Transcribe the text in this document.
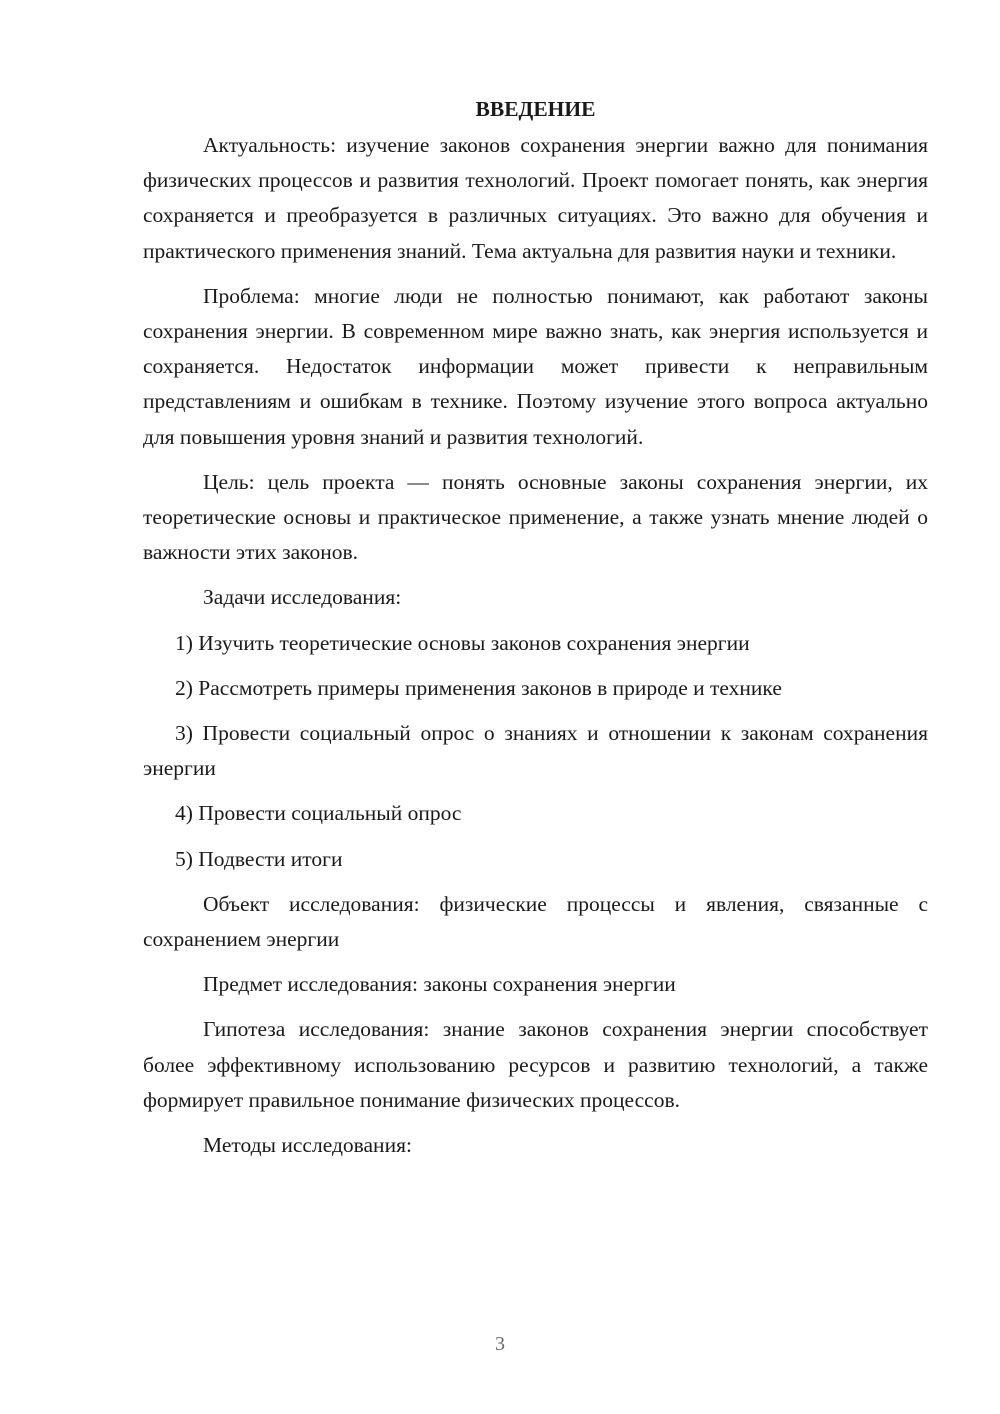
ВВЕДЕНИЕ

Актуальность: изучение законов сохранения энергии важно для понимания физических процессов и развития технологий. Проект помогает понять, как энергия сохраняется и преобразуется в различных ситуациях. Это важно для обучения и практического применения знаний. Тема актуальна для развития науки и техники.

Проблема: многие люди не полностью понимают, как работают законы сохранения энергии. В современном мире важно знать, как энергия используется и сохраняется. Недостаток информации может привести к неправильным представлениям и ошибкам в технике. Поэтому изучение этого вопроса актуально для повышения уровня знаний и развития технологий.

Цель: цель проекта — понять основные законы сохранения энергии, их теоретические основы и практическое применение, а также узнать мнение людей о важности этих законов.

Задачи исследования:

1) Изучить теоретические основы законов сохранения энергии

2) Рассмотреть примеры применения законов в природе и технике

3) Провести социальный опрос о знаниях и отношении к законам сохранения энергии

4) Провести социальный опрос

5) Подвести итоги

Объект исследования: физические процессы и явления, связанные с сохранением энергии

Предмет исследования: законы сохранения энергии

Гипотеза исследования: знание законов сохранения энергии способствует более эффективному использованию ресурсов и развитию технологий, а также формирует правильное понимание физических процессов.

Методы исследования:

3
